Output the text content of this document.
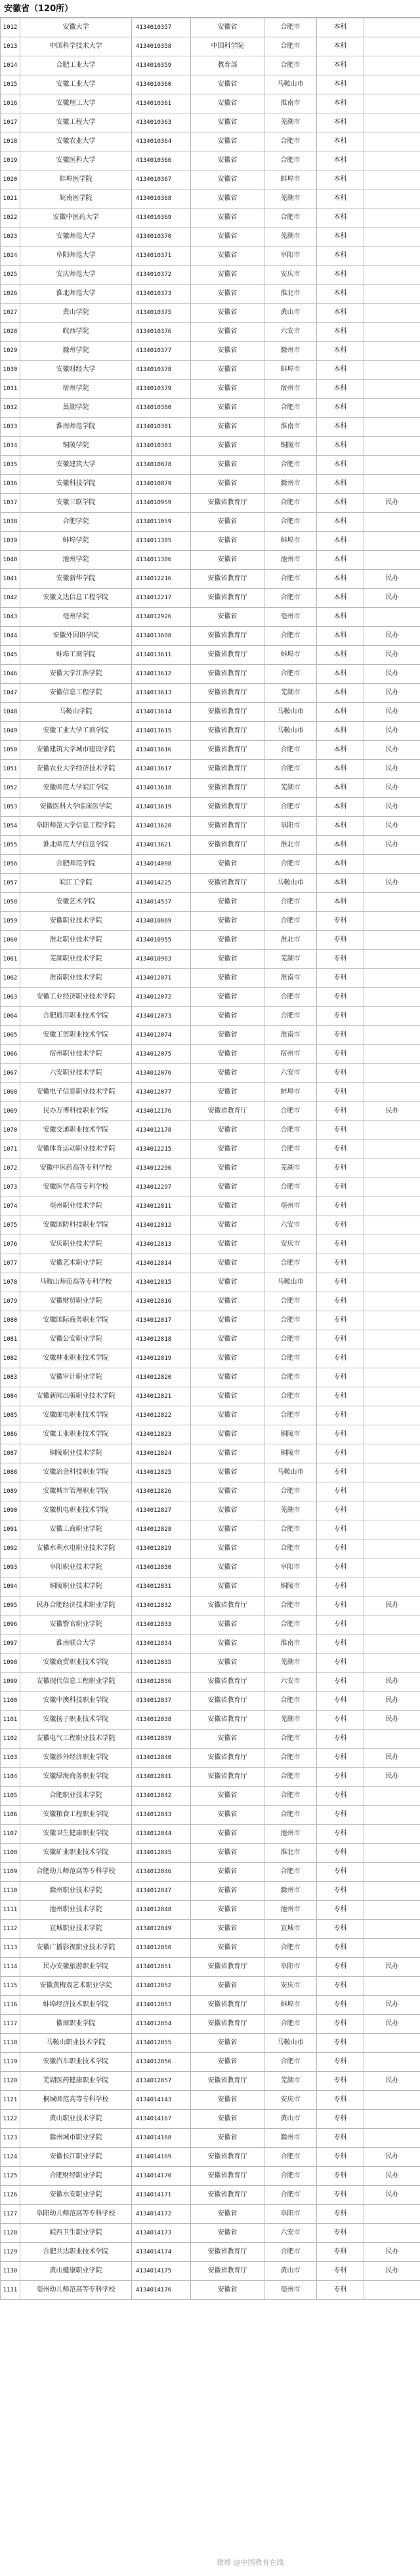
安徽省（120所）
1012	安徽大学	4134010357	安徽省	合肥市	本科	
1013	中国科学技术大学	4134010358	中国科学院	合肥市	本科	
1014	合肥工业大学	4134010359	教育部	合肥市	本科	
1015	安徽工业大学	4134010360	安徽省	马鞍山市	本科	
1016	安徽理工大学	4134010361	安徽省	淮南市	本科	
1017	安徽工程大学	4134010363	安徽省	芜湖市	本科	
1018	安徽农业大学	4134010364	安徽省	合肥市	本科	
1019	安徽医科大学	4134010366	安徽省	合肥市	本科	
1020	蚌埠医学院	4134010367	安徽省	蚌埠市	本科	
1021	皖南医学院	4134010368	安徽省	芜湖市	本科	
1022	安徽中医药大学	4134010369	安徽省	合肥市	本科	
1023	安徽师范大学	4134010370	安徽省	芜湖市	本科	
1024	阜阳师范大学	4134010371	安徽省	阜阳市	本科	
1025	安庆师范大学	4134010372	安徽省	安庆市	本科	
1026	淮北师范大学	4134010373	安徽省	淮北市	本科	
1027	黄山学院	4134010375	安徽省	黄山市	本科	
1028	皖西学院	4134010376	安徽省	六安市	本科	
1029	滁州学院	4134010377	安徽省	滁州市	本科	
1030	安徽财经大学	4134010378	安徽省	蚌埠市	本科	
1031	宿州学院	4134010379	安徽省	宿州市	本科	
1032	巢湖学院	4134010380	安徽省	合肥市	本科	
1033	淮南师范学院	4134010381	安徽省	淮南市	本科	
1034	铜陵学院	4134010383	安徽省	铜陵市	本科	
1035	安徽建筑大学	4134010878	安徽省	合肥市	本科	
1036	安徽科技学院	4134010879	安徽省	滁州市	本科	
1037	安徽三联学院	4134010959	安徽省教育厅	合肥市	本科	民办
1038	合肥学院	4134011059	安徽省	合肥市	本科	
1039	蚌埠学院	4134011305	安徽省	蚌埠市	本科	
1040	池州学院	4134011306	安徽省	池州市	本科	
1041	安徽新华学院	4134012216	安徽省教育厅	合肥市	本科	民办
1042	安徽文达信息工程学院	4134012217	安徽省教育厅	合肥市	本科	民办
1043	亳州学院	4134012926	安徽省	亳州市	本科	
1044	安徽外国语学院	4134013608	安徽省教育厅	合肥市	本科	民办
1045	蚌埠工商学院	4134013611	安徽省教育厅	蚌埠市	本科	民办
1046	安徽大学江淮学院	4134013612	安徽省教育厅	合肥市	本科	民办
1047	安徽信息工程学院	4134013613	安徽省教育厅	芜湖市	本科	民办
1048	马鞍山学院	4134013614	安徽省教育厅	马鞍山市	本科	民办
1049	安徽工业大学工商学院	4134013615	安徽省教育厅	马鞍山市	本科	民办
1050	安徽建筑大学城市建设学院	4134013616	安徽省教育厅	合肥市	本科	民办
1051	安徽农业大学经济技术学院	4134013617	安徽省教育厅	合肥市	本科	民办
1052	安徽师范大学皖江学院	4134013618	安徽省教育厅	芜湖市	本科	民办
1053	安徽医科大学临床医学院	4134013619	安徽省教育厅	合肥市	本科	民办
1054	阜阳师范大学信息工程学院	4134013620	安徽省教育厅	阜阳市	本科	民办
1055	淮北师范大学信息学院	4134013621	安徽省教育厅	淮北市	本科	民办
1056	合肥师范学院	4134014098	安徽省	合肥市	本科	
1057	皖江工学院	4134014225	安徽省教育厅	马鞍山市	本科	民办
1058	安徽艺术学院	4134014537	安徽省	合肥市	本科	
1059	安徽职业技术学院	4134010869	安徽省	合肥市	专科	
1060	淮北职业技术学院	4134010955	安徽省	淮北市	专科	
1061	芜湖职业技术学院	4134010963	安徽省	芜湖市	专科	
1062	淮南职业技术学院	4134012071	安徽省	淮南市	专科	
1063	安徽工业经济职业技术学院	4134012072	安徽省	合肥市	专科	
1064	合肥通用职业技术学院	4134012073	安徽省	合肥市	专科	
1065	安徽工贸职业技术学院	4134012074	安徽省	淮南市	专科	
1066	宿州职业技术学院	4134012075	安徽省	宿州市	专科	
1067	六安职业技术学院	4134012076	安徽省	六安市	专科	
1068	安徽电子信息职业技术学院	4134012077	安徽省	蚌埠市	专科	
1069	民办万博科技职业学院	4134012176	安徽省教育厅	合肥市	专科	民办
1070	安徽交通职业技术学院	4134012178	安徽省	合肥市	专科	
1071	安徽体育运动职业技术学院	4134012215	安徽省	合肥市	专科	
1072	安徽中医药高等专科学校	4134012296	安徽省	芜湖市	专科	
1073	安徽医学高等专科学校	4134012297	安徽省	合肥市	专科	
1074	亳州职业技术学院	4134012811	安徽省	亳州市	专科	
1075	安徽国防科技职业学院	4134012812	安徽省	六安市	专科	
1076	安庆职业技术学院	4134012813	安徽省	安庆市	专科	
1077	安徽艺术职业学院	4134012814	安徽省	合肥市	专科	
1078	马鞍山师范高等专科学校	4134012815	安徽省	马鞍山市	专科	
1079	安徽财贸职业学院	4134012816	安徽省	合肥市	专科	
1080	安徽国际商务职业学院	4134012817	安徽省	合肥市	专科	
1081	安徽公安职业学院	4134012818	安徽省	合肥市	专科	
1082	安徽林业职业技术学院	4134012819	安徽省	合肥市	专科	
1083	安徽审计职业学院	4134012820	安徽省	合肥市	专科	
1084	安徽新闻出版职业技术学院	4134012821	安徽省	合肥市	专科	
1085	安徽邮电职业技术学院	4134012822	安徽省	合肥市	专科	
1086	安徽工业职业技术学院	4134012823	安徽省	铜陵市	专科	
1087	铜陵职业技术学院	4134012824	安徽省	铜陵市	专科	
1088	安徽冶金科技职业学院	4134012825	安徽省	马鞍山市	专科	
1089	安徽城市管理职业学院	4134012826	安徽省	合肥市	专科	
1090	安徽机电职业技术学院	4134012827	安徽省	芜湖市	专科	
1091	安徽工商职业学院	4134012828	安徽省	合肥市	专科	
1092	安徽水利水电职业技术学院	4134012829	安徽省	合肥市	专科	
1093	阜阳职业技术学院	4134012830	安徽省	阜阳市	专科	
1094	铜陵职业技术学院	4134012831	安徽省	铜陵市	专科	
1095	民办合肥经济技术职业学院	4134012832	安徽省教育厅	合肥市	专科	民办
1096	安徽警官职业学院	4134012833	安徽省	合肥市	专科	
1097	淮南联合大学	4134012834	安徽省	淮南市	专科	
1098	安徽商贸职业技术学院	4134012835	安徽省	芜湖市	专科	
1099	安徽现代信息工程职业学院	4134012836	安徽省教育厅	六安市	专科	民办
1100	安徽中澳科技职业学院	4134012837	安徽省教育厅	合肥市	专科	民办
1101	安徽扬子职业技术学院	4134012838	安徽省教育厅	芜湖市	专科	民办
1102	安徽电气工程职业技术学院	4134012839	安徽省	合肥市	专科	
1103	安徽涉外经济职业学院	4134012840	安徽省教育厅	合肥市	专科	民办
1104	安徽绿海商务职业学院	4134012841	安徽省教育厅	合肥市	专科	民办
1105	合肥职业技术学院	4134012842	安徽省	合肥市	专科	
1106	安徽粮食工程职业学院	4134012843	安徽省	合肥市	专科	
1107	安徽卫生健康职业学院	4134012844	安徽省	池州市	专科	
1108	安徽矿业职业技术学院	4134012845	安徽省	淮北市	专科	
1109	合肥幼儿师范高等专科学校	4134012846	安徽省	合肥市	专科	
1110	滁州职业技术学院	4134012847	安徽省	滁州市	专科	
1111	池州职业技术学院	4134012848	安徽省	池州市	专科	
1112	宣城职业技术学院	4134012849	安徽省	宣城市	专科	
1113	安徽广播影视职业技术学院	4134012850	安徽省	合肥市	专科	
1114	民办安徽旅游职业学院	4134012851	安徽省教育厅	阜阳市	专科	民办
1115	安徽黄梅戏艺术职业学院	4134012852	安徽省	安庆市	专科	
1116	蚌埠经济技术职业学院	4134012853	安徽省教育厅	蚌埠市	专科	民办
1117	徽商职业学院	4134012854	安徽省教育厅	合肥市	专科	民办
1118	马鞍山职业技术学院	4134012855	安徽省	马鞍山市	专科	
1119	安徽汽车职业技术学院	4134012856	安徽省	合肥市	专科	
1120	芜湖医药健康职业学院	4134012857	安徽省教育厅	芜湖市	专科	民办
1121	桐城师范高等专科学校	4134014143	安徽省	安庆市	专科	
1122	黄山职业技术学院	4134014167	安徽省	黄山市	专科	
1123	滁州城市职业学院	4134014168	安徽省	滁州市	专科	
1124	安徽长江职业学院	4134014169	安徽省教育厅	合肥市	专科	民办
1125	合肥财经职业学院	4134014170	安徽省教育厅	合肥市	专科	民办
1126	安徽水安职业学院	4134014171	安徽省教育厅	合肥市	专科	民办
1127	阜阳幼儿师范高等专科学校	4134014172	安徽省	阜阳市	专科	
1128	皖西卫生职业学院	4134014173	安徽省	六安市	专科	
1129	合肥共达职业技术学院	4134014174	安徽省教育厅	合肥市	专科	民办
1130	黄山健康职业学院	4134014175	安徽省教育厅	黄山市	专科	民办
1131	亳州幼儿师范高等专科学校	4134014176	安徽省	亳州市	专科	
微博 @中国教育在线
